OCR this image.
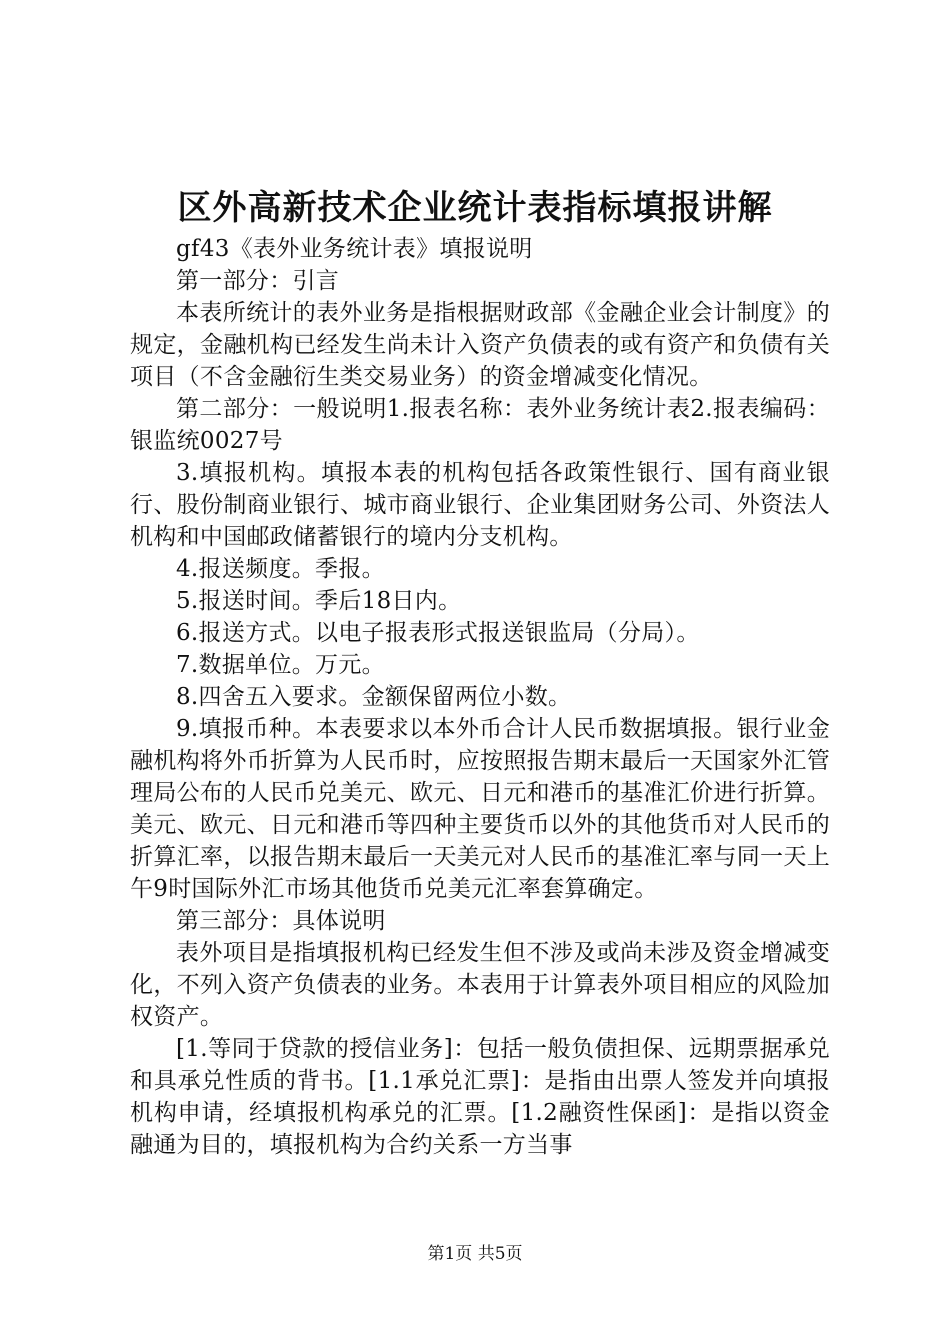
区外高新技术企业统计表指标填报讲解

gf43《表外业务统计表》填报说明

第一部分：引言

本表所统计的表外业务是指根据财政部《金融企业会计制度》的规定，金融机构已经发生尚未计入资产负债表的或有资产和负债有关项目（不含金融衍生类交易业务）的资金增减变化情况。

第二部分：一般说明1.报表名称：表外业务统计表2.报表编码：银监统0027号

3.填报机构。填报本表的机构包括各政策性银行、国有商业银行、股份制商业银行、城市商业银行、企业集团财务公司、外资法人机构和中国邮政储蓄银行的境内分支机构。

4.报送频度。季报。

5.报送时间。季后18日内。

6.报送方式。以电子报表形式报送银监局（分局）。

7.数据单位。万元。

8.四舍五入要求。金额保留两位小数。

9.填报币种。本表要求以本外币合计人民币数据填报。银行业金融机构将外币折算为人民币时，应按照报告期末最后一天国家外汇管理局公布的人民币兑美元、欧元、日元和港币的基准汇价进行折算。美元、欧元、日元和港币等四种主要货币以外的其他货币对人民币的折算汇率，以报告期末最后一天美元对人民币的基准汇率与同一天上午9时国际外汇市场其他货币兑美元汇率套算确定。

第三部分：具体说明

表外项目是指填报机构已经发生但不涉及或尚未涉及资金增减变化，不列入资产负债表的业务。本表用于计算表外项目相应的风险加权资产。

[1.等同于贷款的授信业务]：包括一般负债担保、远期票据承兑和具承兑性质的背书。[1.1承兑汇票]：是指由出票人签发并向填报机构申请，经填报机构承兑的汇票。[1.2融资性保函]：是指以资金融通为目的，填报机构为合约关系一方当事

第1页 共5页
